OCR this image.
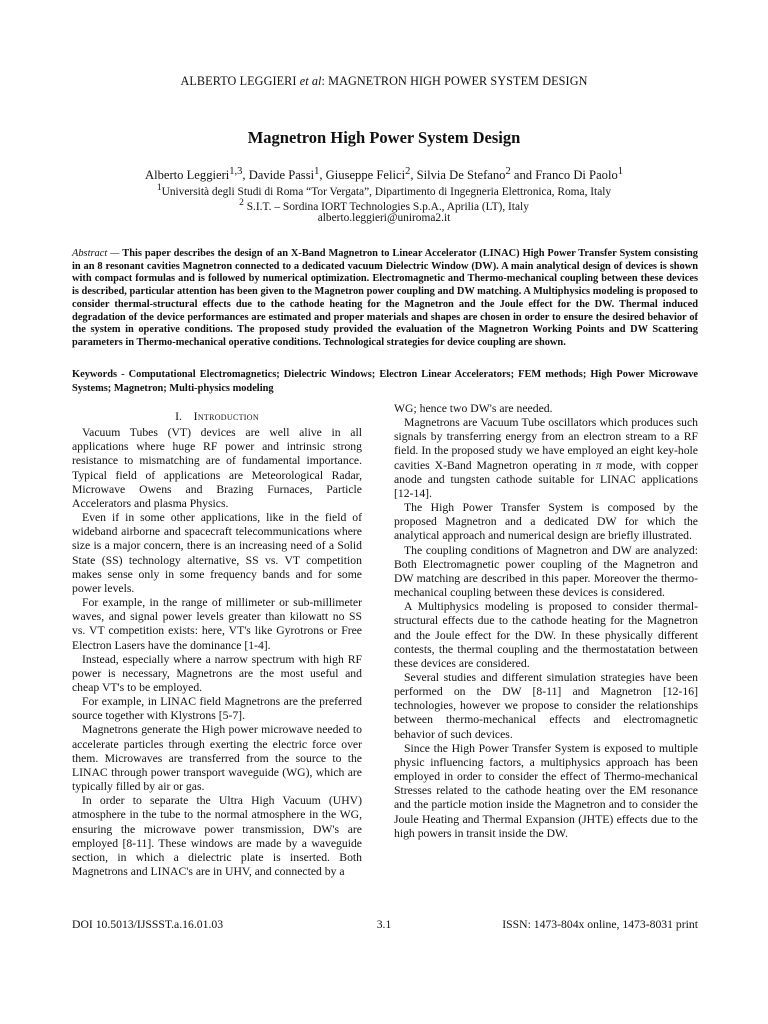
ALBERTO LEGGIERI et al: MAGNETRON HIGH POWER SYSTEM DESIGN
Magnetron High Power System Design
Alberto Leggieri$^{1,3}$, Davide Passi$^1$, Giuseppe Felici$^2$, Silvia De Stefano$^2$ and Franco Di Paolo$^1$
$^1$Università degli Studi di Roma “Tor Vergata”, Dipartimento di Ingegneria Elettronica, Roma, Italy
$^2$ S.I.T. – Sordina IORT Technologies S.p.A., Aprilia (LT), Italy
alberto.leggieri@uniroma2.it
Abstract — This paper describes the design of an X-Band Magnetron to Linear Accelerator (LINAC) High Power Transfer System consisting in an 8 resonant cavities Magnetron connected to a dedicated vacuum Dielectric Window (DW). A main analytical design of devices is shown with compact formulas and is followed by numerical optimization. Electromagnetic and Thermo-mechanical coupling between these devices is described, particular attention has been given to the Magnetron power coupling and DW matching. A Multiphysics modeling is proposed to consider thermal-structural effects due to the cathode heating for the Magnetron and the Joule effect for the DW. Thermal induced degradation of the device performances are estimated and proper materials and shapes are chosen in order to ensure the desired behavior of the system in operative conditions. The proposed study provided the evaluation of the Magnetron Working Points and DW Scattering parameters in Thermo-mechanical operative conditions. Technological strategies for device coupling are shown.
Keywords - Computational Electromagnetics; Dielectric Windows; Electron Linear Accelerators; FEM methods; High Power Microwave Systems; Magnetron; Multi-physics modeling
I. Introduction

Vacuum Tubes (VT) devices are well alive in all applications where huge RF power and intrinsic strong resistance to mismatching are of fundamental importance. Typical field of applications are Meteorological Radar, Microwave Owens and Brazing Furnaces, Particle Accelerators and plasma Physics.

Even if in some other applications, like in the field of wideband airborne and spacecraft telecommunications where size is a major concern, there is an increasing need of a Solid State (SS) technology alternative, SS vs. VT competition makes sense only in some frequency bands and for some power levels.

For example, in the range of millimeter or sub-millimeter waves, and signal power levels greater than kilowatt no SS vs. VT competition exists: here, VT's like Gyrotrons or Free Electron Lasers have the dominance [1-4].

Instead, especially where a narrow spectrum with high RF power is necessary, Magnetrons are the most useful and cheap VT's to be employed.

For example, in LINAC field Magnetrons are the preferred source together with Klystrons [5-7].

Magnetrons generate the High power microwave needed to accelerate particles through exerting the electric force over them. Microwaves are transferred from the source to the LINAC through power transport waveguide (WG), which are typically filled by air or gas.

In order to separate the Ultra High Vacuum (UHV) atmosphere in the tube to the normal atmosphere in the WG, ensuring the microwave power transmission, DW's are employed [8-11]. These windows are made by a waveguide section, in which a dielectric plate is inserted. Both Magnetrons and LINAC's are in UHV, and connected by a

WG; hence two DW's are needed.

Magnetrons are Vacuum Tube oscillators which produces such signals by transferring energy from an electron stream to a RF field. In the proposed study we have employed an eight key-hole cavities X-Band Magnetron operating in π mode, with copper anode and tungsten cathode suitable for LINAC applications [12-14].

The High Power Transfer System is composed by the proposed Magnetron and a dedicated DW for which the analytical approach and numerical design are briefly illustrated.

The coupling conditions of Magnetron and DW are analyzed: Both Electromagnetic power coupling of the Magnetron and DW matching are described in this paper. Moreover the thermo-mechanical coupling between these devices is considered.

A Multiphysics modeling is proposed to consider thermal-structural effects due to the cathode heating for the Magnetron and the Joule effect for the DW. In these physically different contests, the thermal coupling and the thermostatation between these devices are considered.

Several studies and different simulation strategies have been performed on the DW [8-11] and Magnetron [12-16] technologies, however we propose to consider the relationships between thermo-mechanical effects and electromagnetic behavior of such devices.

Since the High Power Transfer System is exposed to multiple physic influencing factors, a multiphysics approach has been employed in order to consider the effect of Thermo-mechanical Stresses related to the cathode heating over the EM resonance and the particle motion inside the Magnetron and to consider the Joule Heating and Thermal Expansion (JHTE) effects due to the high powers in transit inside the DW.

DOI 10.5013/IJSSST.a.16.01.03	3.1	ISSN: 1473-804x online, 1473-8031 print
